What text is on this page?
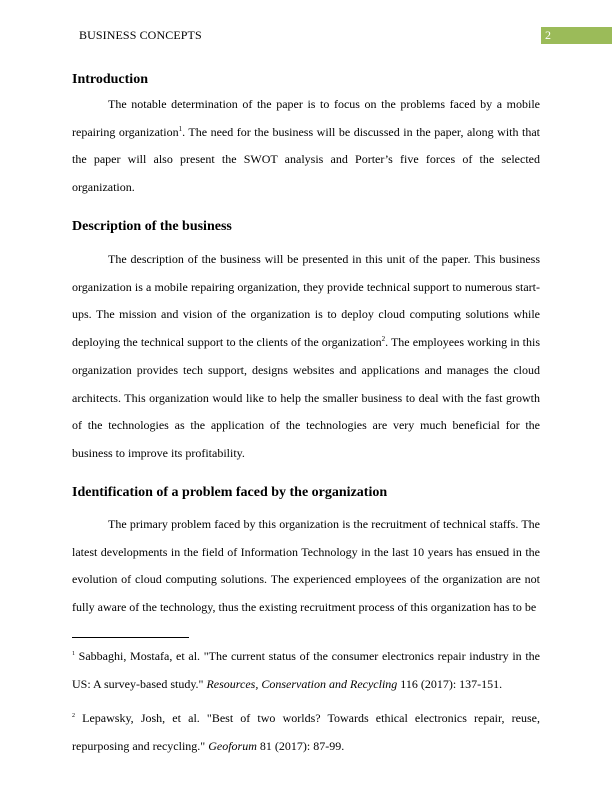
BUSINESS CONCEPTS	2
Introduction

The notable determination of the paper is to focus on the problems faced by a mobile repairing organization$^1$. The need for the business will be discussed in the paper, along with that the paper will also present the SWOT analysis and Porter’s five forces of the selected organization.

Description of the business

The description of the business will be presented in this unit of the paper. This business organization is a mobile repairing organization, they provide technical support to numerous start-ups. The mission and vision of the organization is to deploy cloud computing solutions while deploying the technical support to the clients of the organization$^2$. The employees working in this organization provides tech support, designs websites and applications and manages the cloud architects. This organization would like to help the smaller business to deal with the fast growth of the technologies as the application of the technologies are very much beneficial for the business to improve its profitability.

Identification of a problem faced by the organization

The primary problem faced by this organization is the recruitment of technical staffs. The latest developments in the field of Information Technology in the last 10 years has ensued in the evolution of cloud computing solutions. The experienced employees of the organization are not fully aware of the technology, thus the existing recruitment process of this organization has to be

$^1$ Sabbaghi, Mostafa, et al. "The current status of the consumer electronics repair industry in the US: A survey-based study." Resources, Conservation and Recycling 116 (2017): 137-151.

$^2$ Lepawsky, Josh, et al. "Best of two worlds? Towards ethical electronics repair, reuse, repurposing and recycling." Geoforum 81 (2017): 87-99.
